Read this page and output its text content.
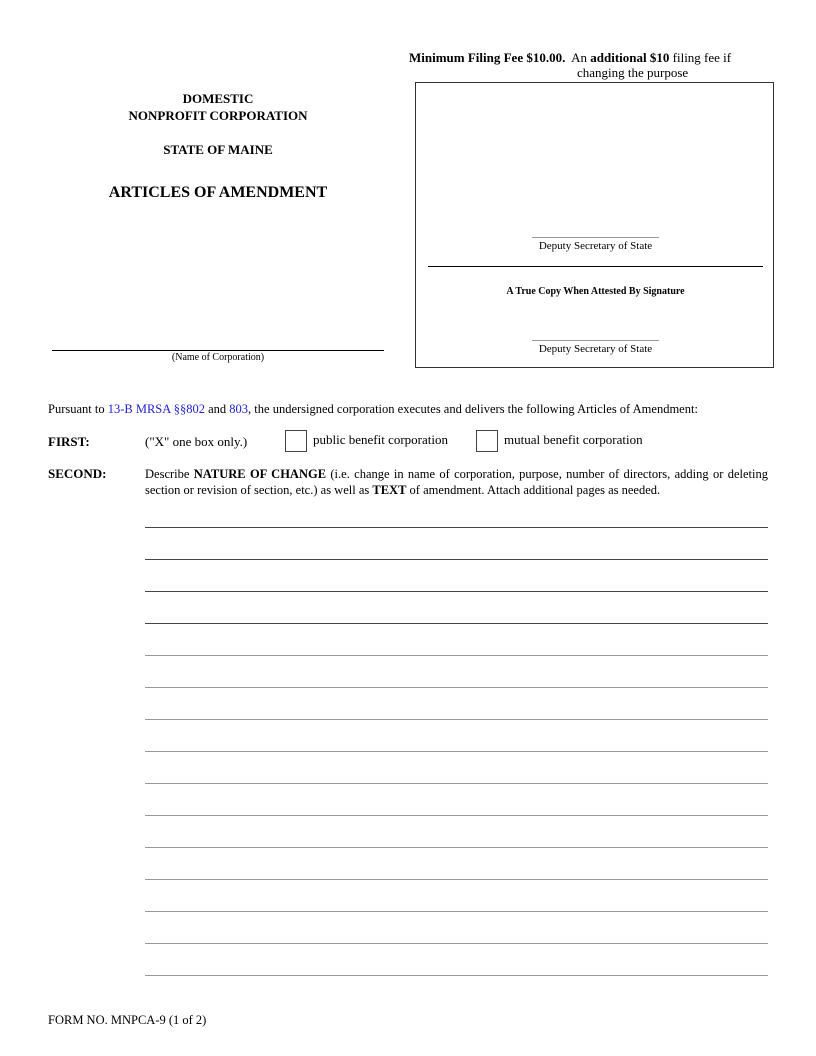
Minimum Filing Fee $10.00.  An additional $10 filing fee if
changing the purpose
DOMESTIC
NONPROFIT CORPORATION
STATE OF MAINE
ARTICLES OF AMENDMENT
(Name of Corporation)
Deputy Secretary of State
A True Copy When Attested By Signature
Deputy Secretary of State
Pursuant to 13-B MRSA §§802 and 803, the undersigned corporation executes and delivers the following Articles of Amendment:
FIRST:	("X" one box only.)	public benefit corporation	mutual benefit corporation
SECOND:	Describe NATURE OF CHANGE (i.e. change in name of corporation, purpose, number of directors, adding or deleting section or revision of section, etc.) as well as TEXT of amendment. Attach additional pages as needed.
FORM NO. MNPCA-9 (1 of 2)
